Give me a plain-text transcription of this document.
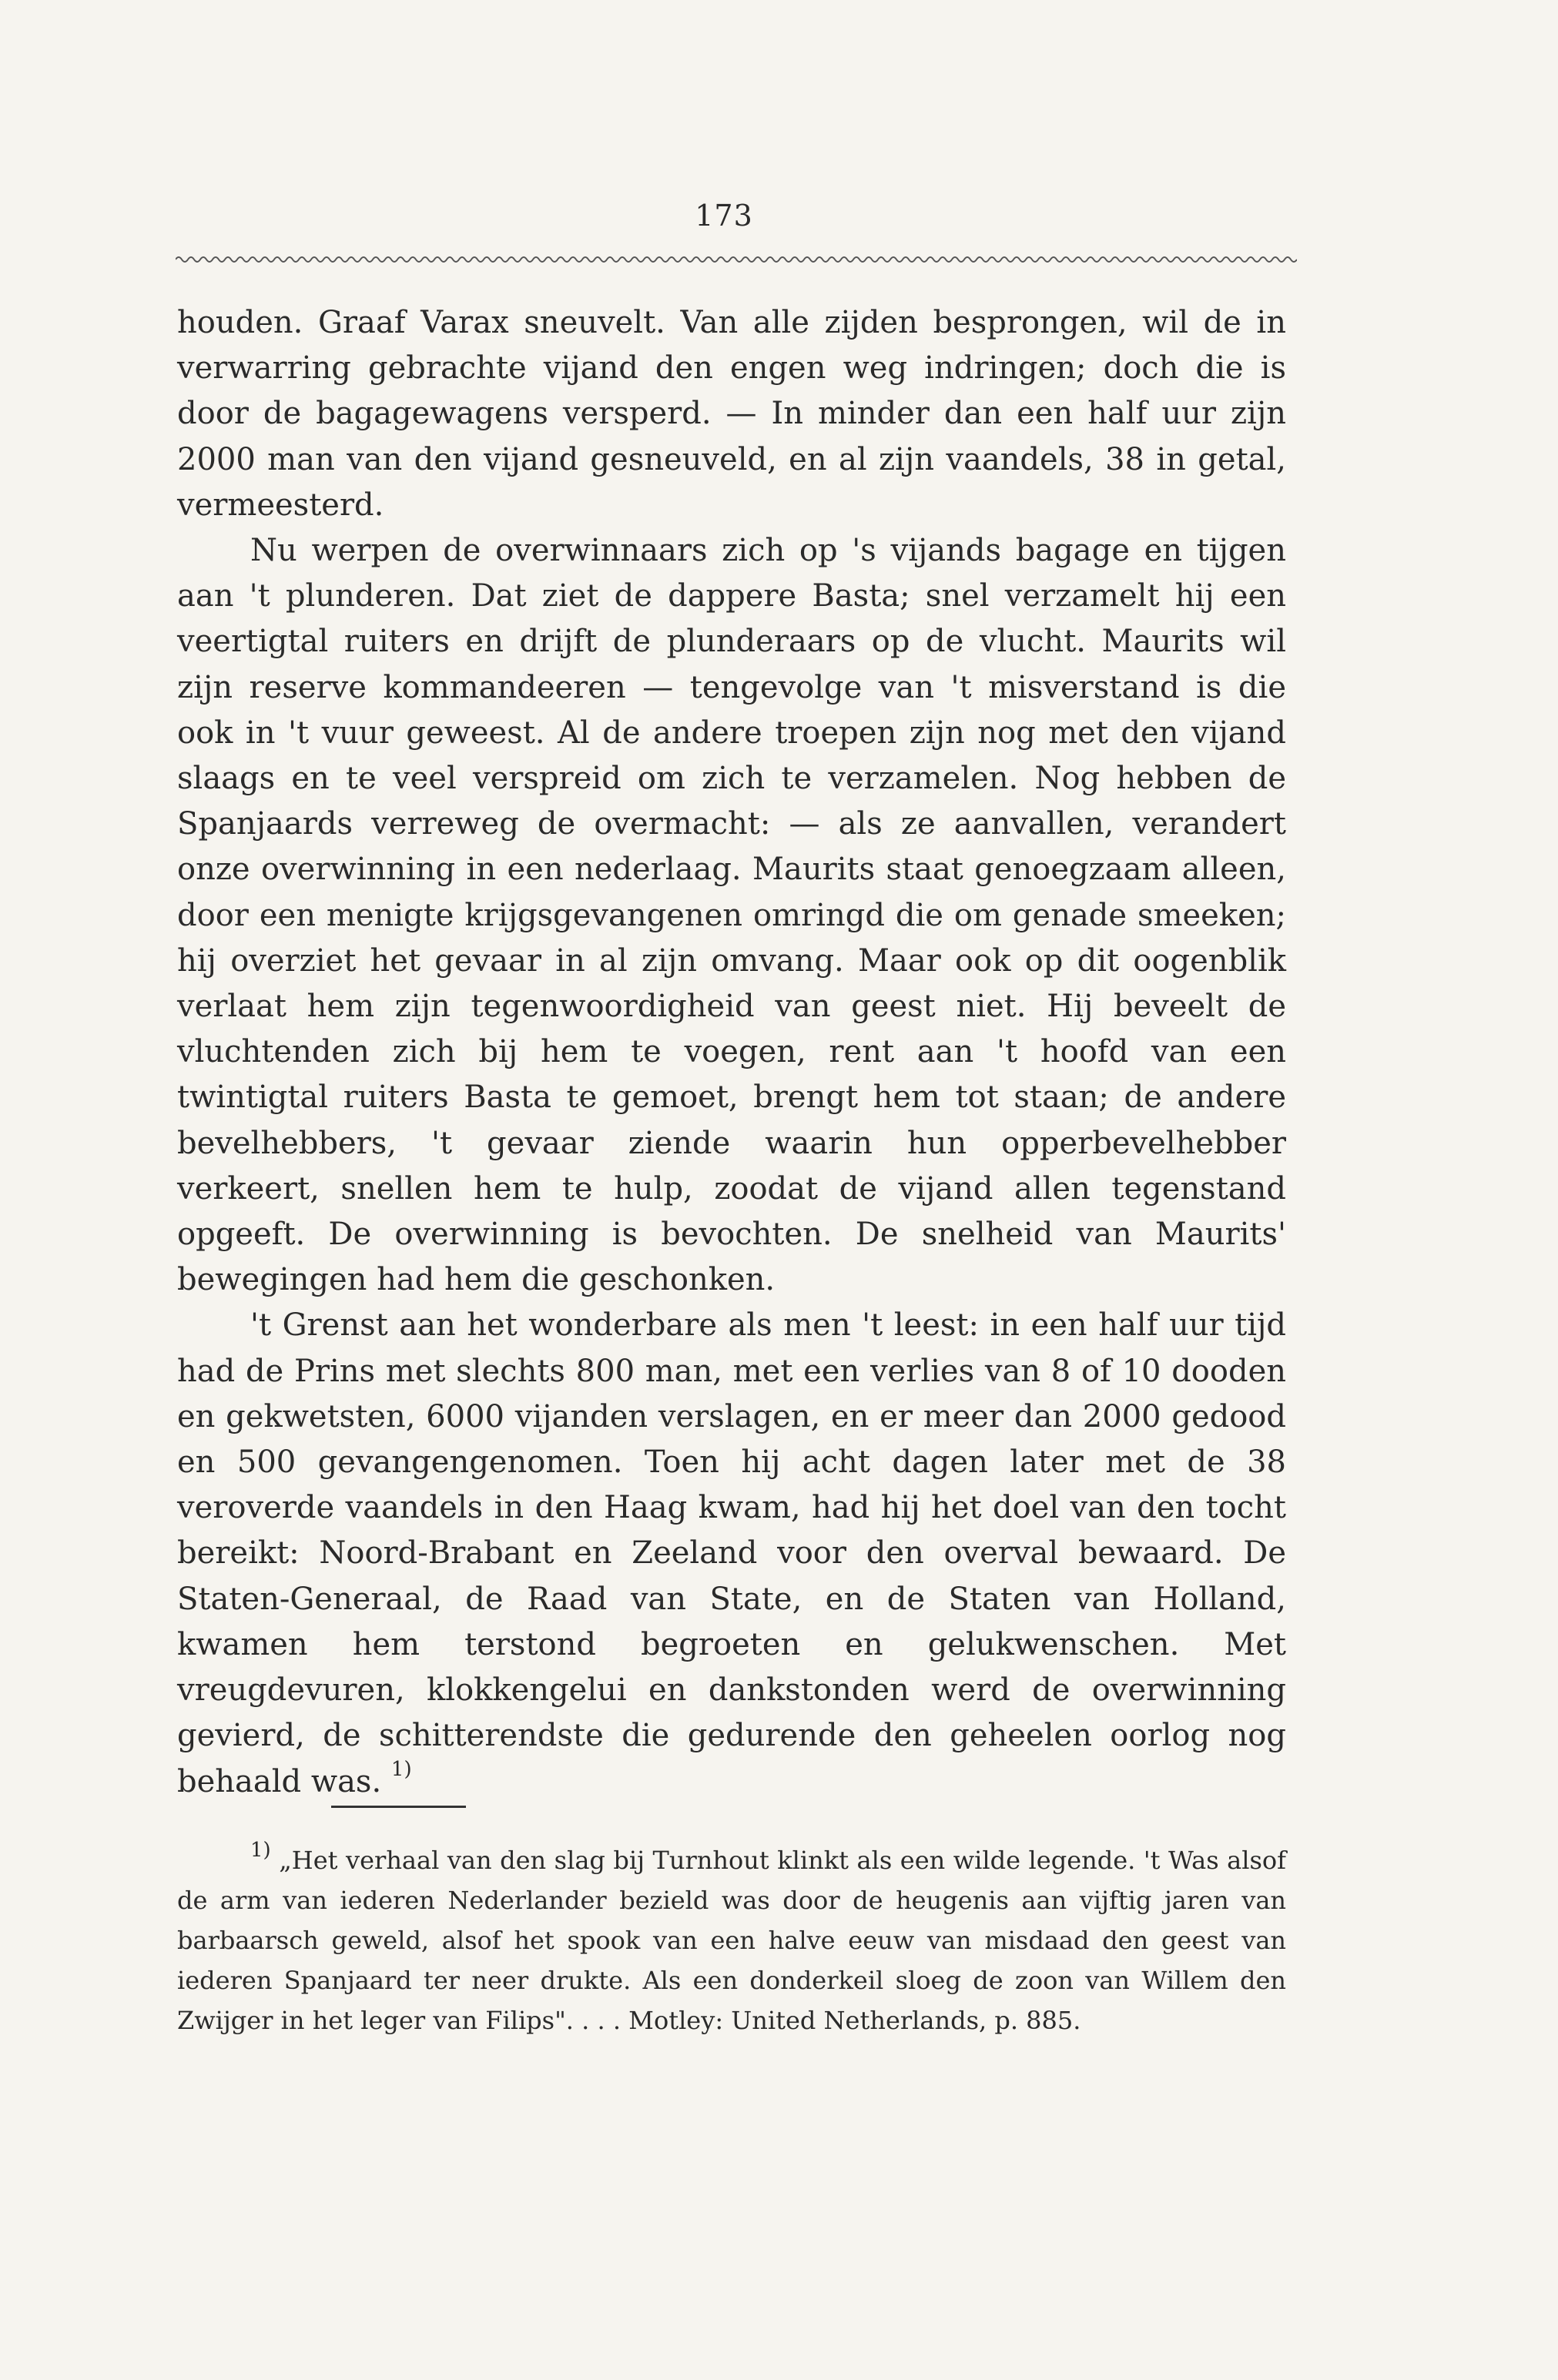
173

houden. Graaf Varax sneuvelt. Van alle zijden besprongen, wil de in verwarring gebrachte vijand den engen weg indringen; doch die is door de bagagewagens versperd. — In minder dan een half uur zijn 2000 man van den vijand gesneuveld, en al zijn vaandels, 38 in getal, vermeesterd.

Nu werpen de overwinnaars zich op 's vijands bagage en tijgen aan 't plunderen. Dat ziet de dappere Basta; snel verzamelt hij een veertigtal ruiters en drijft de plunderaars op de vlucht. Maurits wil zijn reserve kommandeeren — tengevolge van 't misverstand is die ook in 't vuur geweest. Al de andere troepen zijn nog met den vijand slaags en te veel verspreid om zich te verzamelen. Nog hebben de Spanjaards verreweg de overmacht: — als ze aanvallen, verandert onze overwinning in een nederlaag. Maurits staat genoegzaam alleen, door een menigte krijgsgevangenen omringd die om genade smeeken; hij overziet het gevaar in al zijn omvang. Maar ook op dit oogenblik verlaat hem zijn tegenwoordigheid van geest niet. Hij beveelt de vluchtenden zich bij hem te voegen, rent aan 't hoofd van een twintigtal ruiters Basta te gemoet, brengt hem tot staan; de andere bevelhebbers, 't gevaar ziende waarin hun opperbevelhebber verkeert, snellen hem te hulp, zoodat de vijand allen tegenstand opgeeft. De overwinning is bevochten. De snelheid van Maurits' bewegingen had hem die geschonken.

't Grenst aan het wonderbare als men 't leest: in een half uur tijd had de Prins met slechts 800 man, met een verlies van 8 of 10 dooden en gekwetsten, 6000 vijanden verslagen, en er meer dan 2000 gedood en 500 gevangengenomen. Toen hij acht dagen later met de 38 veroverde vaandels in den Haag kwam, had hij het doel van den tocht bereikt: Noord-Brabant en Zeeland voor den overval bewaard. De Staten-Generaal, de Raad van State, en de Staten van Holland, kwamen hem terstond begroeten en gelukwenschen. Met vreugdevuren, klokkengelui en dankstonden werd de overwinning gevierd, de schitterendste die gedurende den geheelen oorlog nog behaald was. $^{1)}$

$^{1)}$ „Het verhaal van den slag bij Turnhout klinkt als een wilde legende. 't Was alsof de arm van iederen Nederlander bezield was door de heugenis aan vijftig jaren van barbaarsch geweld, alsof het spook van een halve eeuw van misdaad den geest van iederen Spanjaard ter neer drukte. Als een donderkeil sloeg de zoon van Willem den Zwijger in het leger van Filips". . . . Motley: United Netherlands, p. 885.
